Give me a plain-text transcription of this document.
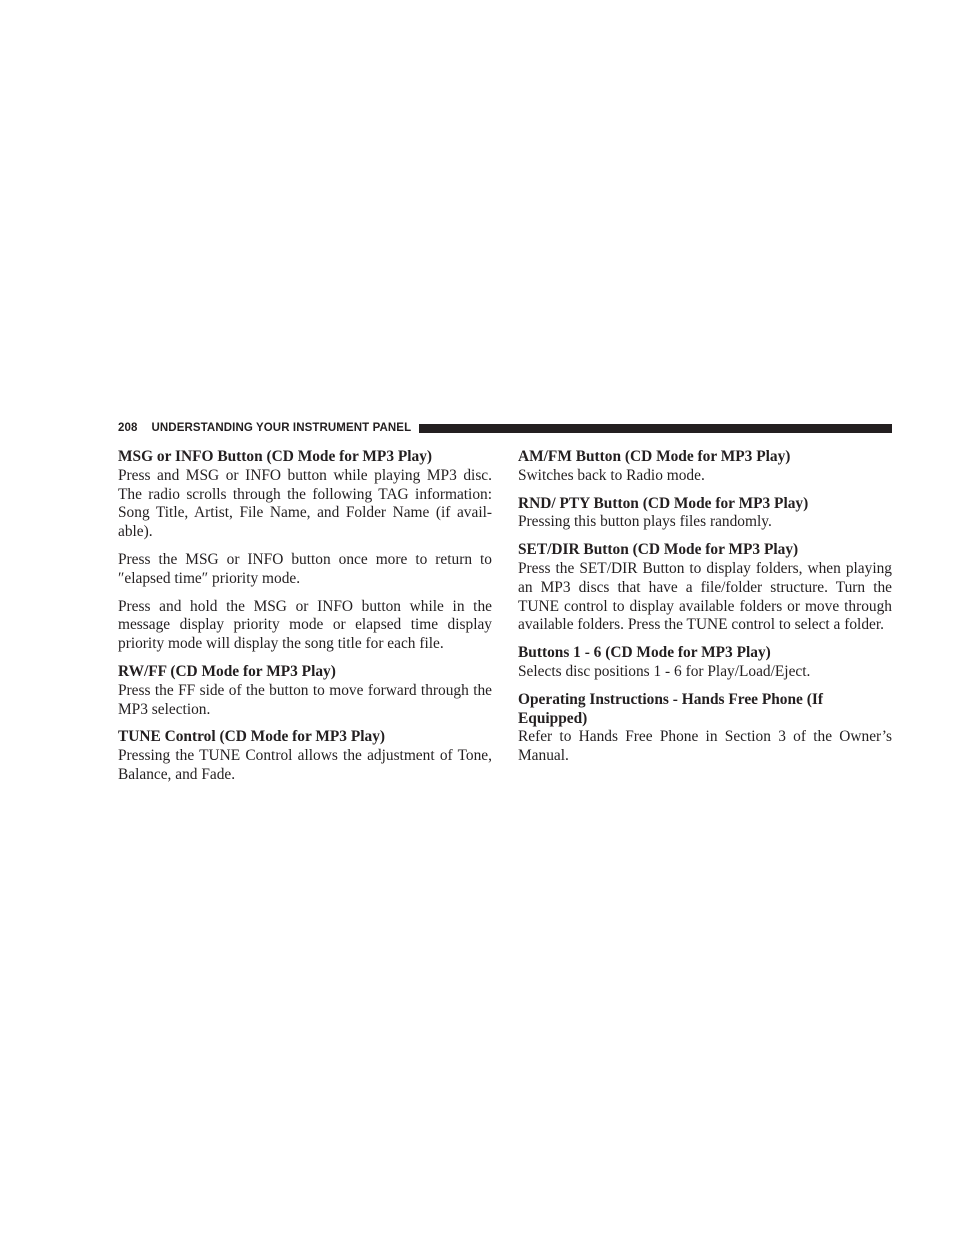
208 UNDERSTANDING YOUR INSTRUMENT PANEL

MSG or INFO Button (CD Mode for MP3 Play)

Press and MSG or INFO button while playing MP3 disc. The radio scrolls through the following TAG information: Song Title, Artist, File Name, and Folder Name (if avail-able).

Press the MSG or INFO button once more to return to ″elapsed time″ priority mode.

Press and hold the MSG or INFO button while in the message display priority mode or elapsed time display priority mode will display the song title for each file.

RW/FF (CD Mode for MP3 Play)

Press the FF side of the button to move forward through the MP3 selection.

TUNE Control (CD Mode for MP3 Play)

Pressing the TUNE Control allows the adjustment of Tone, Balance, and Fade.

AM/FM Button (CD Mode for MP3 Play)

Switches back to Radio mode.

RND/ PTY Button (CD Mode for MP3 Play)

Pressing this button plays files randomly.

SET/DIR Button (CD Mode for MP3 Play)

Press the SET/DIR Button to display folders, when playing an MP3 discs that have a file/folder structure. Turn the TUNE control to display available folders or move through available folders. Press the TUNE control to select a folder.

Buttons 1 - 6 (CD Mode for MP3 Play)

Selects disc positions 1 - 6 for Play/Load/Eject.

Operating Instructions - Hands Free Phone (If Equipped)

Refer to Hands Free Phone in Section 3 of the Owner’s Manual.
